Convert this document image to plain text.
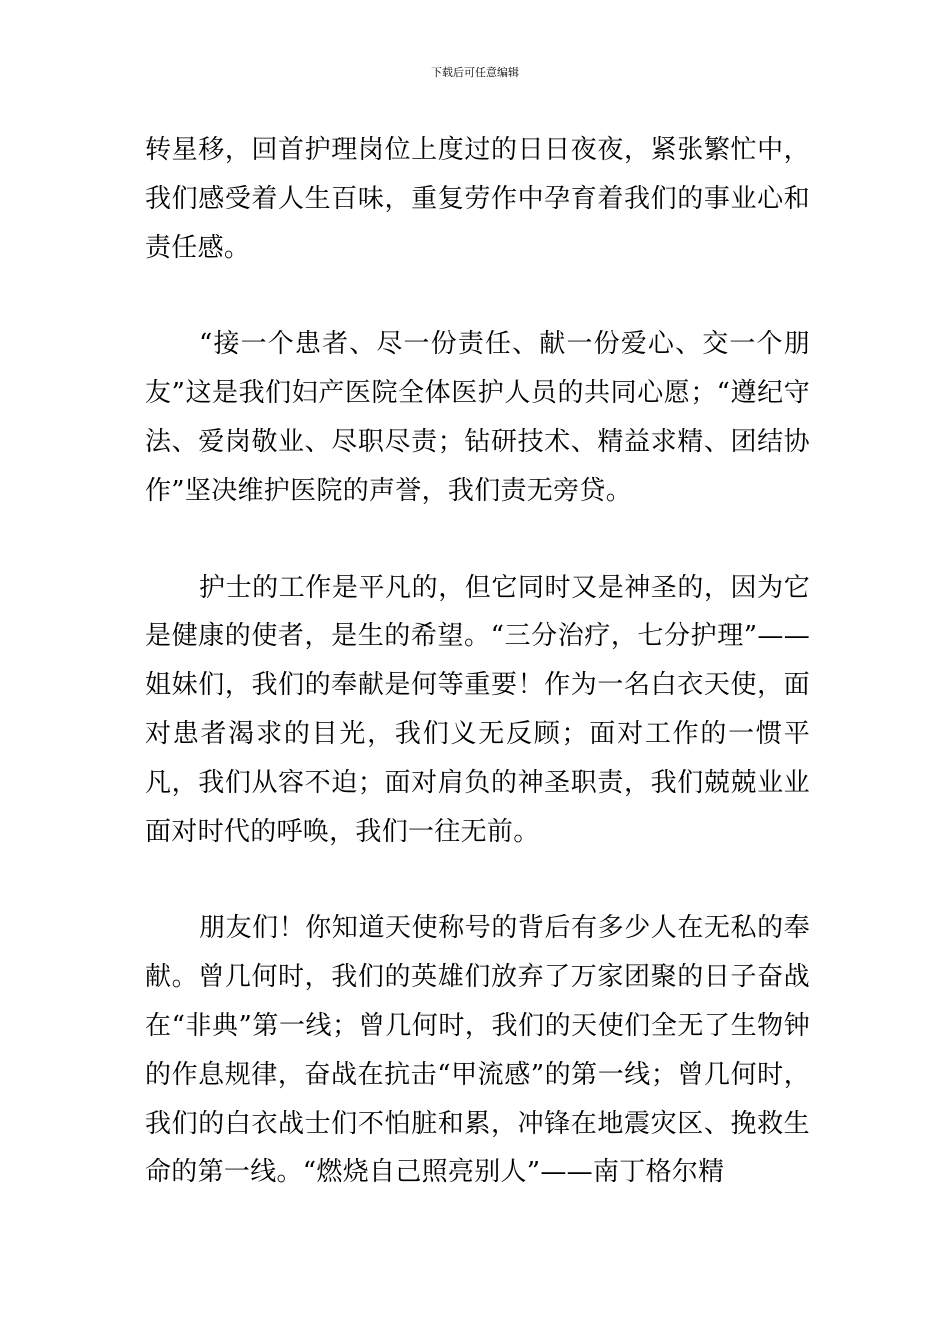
下载后可任意编辑

转星移，回首护理岗位上度过的日日夜夜，紧张繁忙中，我们感受着人生百味，重复劳作中孕育着我们的事业心和责任感。

“接一个患者、尽一份责任、献一份爱心、交一个朋友”这是我们妇产医院全体医护人员的共同心愿；“遵纪守法、爱岗敬业、尽职尽责；钻研技术、精益求精、团结协作”坚决维护医院的声誉，我们责无旁贷。

护士的工作是平凡的，但它同时又是神圣的，因为它是健康的使者，是生的希望。“三分治疗，七分护理”——姐妹们，我们的奉献是何等重要！作为一名白衣天使，面对患者渴求的目光，我们义无反顾；面对工作的一惯平凡，我们从容不迫；面对肩负的神圣职责，我们兢兢业业面对时代的呼唤，我们一往无前。

朋友们！你知道天使称号的背后有多少人在无私的奉献。曾几何时，我们的英雄们放弃了万家团聚的日子奋战在“非典”第一线；曾几何时，我们的天使们全无了生物钟的作息规律，奋战在抗击“甲流感”的第一线；曾几何时，我们的白衣战士们不怕脏和累，冲锋在地震灾区、挽救生命的第一线。“燃烧自己照亮别人”——南丁格尔精
